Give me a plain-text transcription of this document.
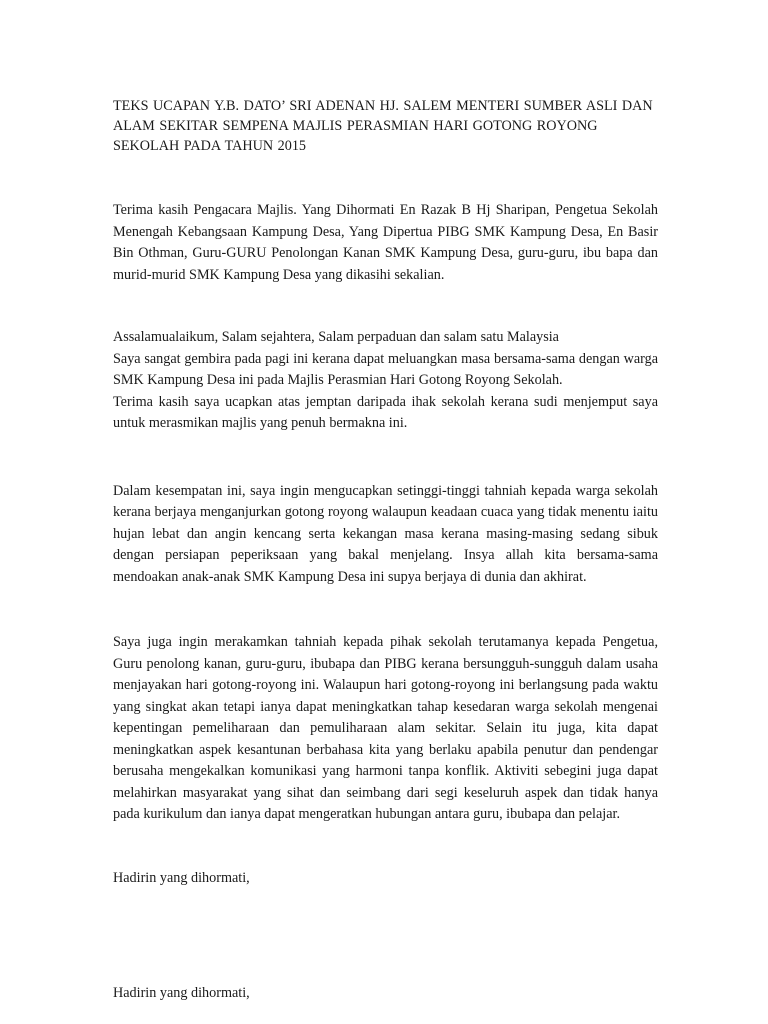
TEKS UCAPAN Y.B. DATO’ SRI ADENAN HJ. SALEM MENTERI SUMBER ASLI DAN ALAM SEKITAR SEMPENA MAJLIS PERASMIAN HARI GOTONG ROYONG SEKOLAH PADA TAHUN 2015

Terima kasih Pengacara Majlis. Yang Dihormati En Razak B Hj Sharipan, Pengetua Sekolah Menengah Kebangsaan Kampung Desa, Yang Dipertua PIBG SMK Kampung Desa, En Basir Bin Othman, Guru-GURU Penolongan Kanan SMK Kampung Desa, guru-guru, ibu bapa dan murid-murid SMK Kampung Desa yang dikasihi sekalian.

Assalamualaikum, Salam sejahtera, Salam perpaduan dan salam satu Malaysia
Saya sangat gembira pada pagi ini kerana dapat meluangkan masa bersama-sama dengan warga SMK Kampung Desa ini pada Majlis Perasmian Hari Gotong Royong Sekolah.
Terima kasih saya ucapkan atas jemptan daripada ihak sekolah kerana sudi menjemput saya untuk merasmikan majlis yang penuh bermakna ini.

Dalam kesempatan ini, saya ingin mengucapkan setinggi-tinggi tahniah kepada warga sekolah kerana berjaya menganjurkan gotong royong walaupun keadaan cuaca yang tidak menentu iaitu hujan lebat dan angin kencang serta kekangan masa kerana masing-masing sedang sibuk dengan persiapan peperiksaan yang bakal menjelang. Insya allah kita bersama-sama mendoakan anak-anak SMK Kampung Desa ini supya berjaya di dunia dan akhirat.

Saya juga ingin merakamkan tahniah kepada pihak sekolah terutamanya kepada Pengetua, Guru penolong kanan, guru-guru, ibubapa dan PIBG kerana bersungguh-sungguh dalam usaha menjayakan hari gotong-royong ini. Walaupun hari gotong-royong ini berlangsung pada waktu yang singkat akan tetapi ianya dapat meningkatkan tahap kesedaran warga sekolah mengenai kepentingan pemeliharaan dan pemuliharaan alam sekitar. Selain itu juga, kita dapat meningkatkan aspek kesantunan berbahasa kita yang berlaku apabila penutur dan pendengar berusaha mengekalkan komunikasi yang harmoni tanpa konflik. Aktiviti sebegini juga dapat melahirkan masyarakat yang sihat dan seimbang dari segi keseluruh aspek dan tidak hanya pada kurikulum dan ianya dapat mengeratkan hubungan antara guru, ibubapa dan pelajar.

Hadirin yang dihormati,

Hadirin yang dihormati,
